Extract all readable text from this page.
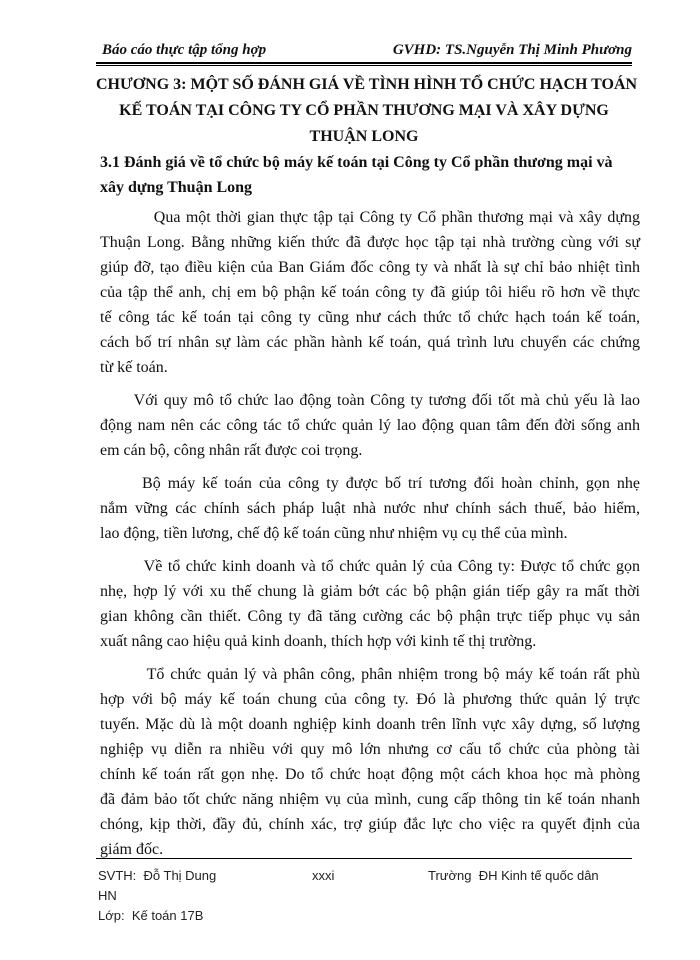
Báo cáo thực tập tổng hợp	GVHD: TS.Nguyễn Thị Minh Phương
CHƯƠNG 3: MỘT SỐ ĐÁNH GIÁ VỀ TÌNH HÌNH TỔ CHỨC HẠCH TOÁN
KẾ TOÁN TẠI CÔNG TY CỔ PHẦN THƯƠNG MẠI VÀ XÂY DỰNG
THUẬN LONG
3.1 Đánh giá về tổ chức bộ máy kế toán tại Công ty Cổ phần thương mại và
xây dựng Thuận Long
Qua một thời gian thực tập tại Công ty Cổ phần thương mại và xây dựng
Thuận Long. Bằng những kiến thức đã được học tập tại nhà trường cùng với sự
giúp đỡ, tạo điều kiện của Ban Giám đốc công ty và nhất là sự chỉ bảo nhiệt tình
của tập thể anh, chị em bộ phận kế toán công ty đã giúp tôi hiểu rõ hơn về thực
tế công tác kế toán tại công ty cũng như cách thức tổ chức hạch toán kế toán,
cách bố trí nhân sự làm các phần hành kế toán, quá trình lưu chuyển các chứng
từ kế toán.
Với quy mô tổ chức lao động toàn Công ty tương đối tốt mà chủ yếu là lao
động nam nên các công tác tổ chức quản lý lao động quan tâm đến đời sống anh
em cán bộ, công nhân rất được coi trọng.
Bộ máy kế toán của công ty được bố trí tương đối hoàn chỉnh, gọn nhẹ
nắm vững các chính sách pháp luật nhà nước như chính sách thuế, bảo hiểm,
lao động, tiền lương, chế độ kế toán cũng như nhiệm vụ cụ thể của mình.
Về tổ chức kinh doanh và tổ chức quản lý của Công ty: Được tổ chức gọn
nhẹ, hợp lý với xu thế chung là giảm bớt các bộ phận gián tiếp gây ra mất thời
gian không cần thiết. Công ty đã tăng cường các bộ phận trực tiếp phục vụ sản
xuất nâng cao hiệu quả kinh doanh, thích hợp với kinh tế thị trường.
Tổ chức quản lý và phân công, phân nhiệm trong bộ máy kế toán rất phù
hợp với bộ máy kế toán chung của công ty. Đó là phương thức quản lý trực
tuyến. Mặc dù là một doanh nghiệp kinh doanh trên lĩnh vực xây dựng, số lượng
nghiệp vụ diễn ra nhiều với quy mô lớn nhưng cơ cấu tổ chức của phòng tài
chính kế toán rất gọn nhẹ. Do tổ chức hoạt động một cách khoa học mà phòng
đã đảm bảo tốt chức năng nhiệm vụ của mình, cung cấp thông tin kế toán nhanh
chóng, kịp thời, đầy đủ, chính xác, trợ giúp đắc lực cho việc ra quyết định của
giám đốc.
SVTH:  Đỗ Thị Dung
HN
xxxi	Trường  ĐH Kinh tế quốc dân
Lớp:  Kế toán 17B
